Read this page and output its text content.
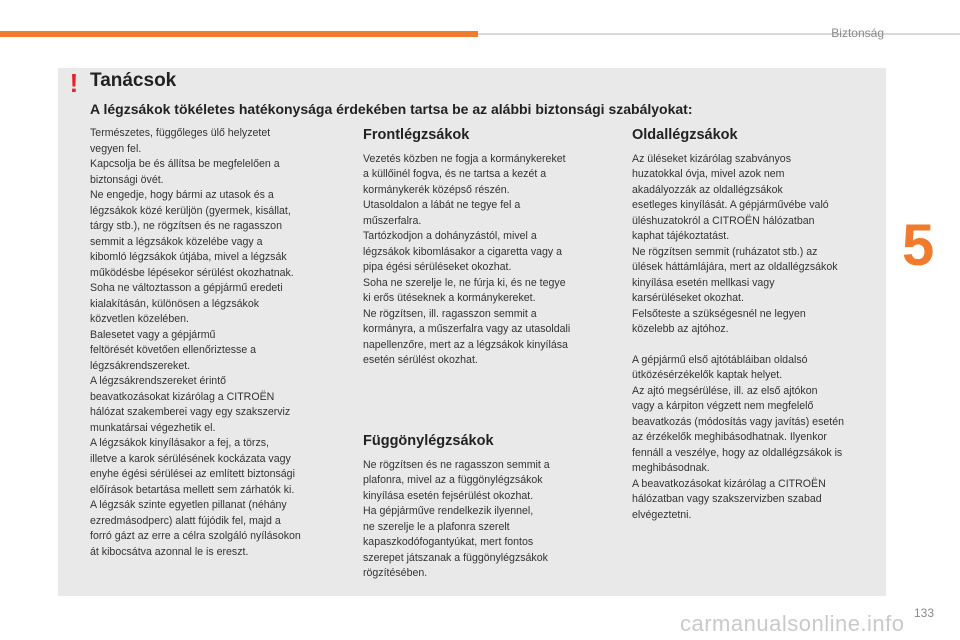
Biztonság
5
133
! Tanácsok
A légzsákok tökéletes hatékonysága érdekében tartsa be az alábbi biztonsági szabályokat:

Természetes, függőleges ülő helyzetet

vegyen fel.

Kapcsolja be és állítsa be megfelelően a

biztonsági övét.

Ne engedje, hogy bármi az utasok és a

légzsákok közé kerüljön (gyermek, kisállat,

tárgy stb.), ne rögzítsen és ne ragasszon

semmit a légzsákok közelébe vagy a

kibomló légzsákok útjába, mivel a légzsák

működésbe lépésekor sérülést okozhatnak.

Soha ne változtasson a gépjármű eredeti

kialakításán, különösen a légzsákok

közvetlen közelében.

Balesetet vagy a gépjármű

feltörését követően ellenőriztesse a

légzsákrendszereket.

A légzsákrendszereket érintő

beavatkozásokat kizárólag a CITROËN

hálózat szakemberei vagy egy szakszerviz

munkatársai végezhetik el.

A légzsákok kinyílásakor a fej, a törzs,

illetve a karok sérülésének kockázata vagy

enyhe égési sérülései az említett biztonsági

előírások betartása mellett sem zárhatók ki.

A légzsák szinte egyetlen pillanat (néhány

ezredmásodperc) alatt fújódik fel, majd a

forró gázt az erre a célra szolgáló nyílásokon

át kibocsátva azonnal le is ereszt.

Frontlégzsákok

Vezetés közben ne fogja a kormánykereket

a küllőinél fogva, és ne tartsa a kezét a

kormánykerék középső részén.

Utasoldalon a lábát ne tegye fel a

műszerfalra.

Tartózkodjon a dohányzástól, mivel a

légzsákok kibomlásakor a cigaretta vagy a

pipa égési sérüléseket okozhat.

Soha ne szerelje le, ne fúrja ki, és ne tegye

ki erős ütéseknek a kormánykereket.

Ne rögzítsen, ill. ragasszon semmit a

kormányra, a műszerfalra vagy az utasoldali

napellenzőre, mert az a légzsákok kinyílása

esetén sérülést okozhat.

Függönylégzsákok

Ne rögzítsen és ne ragasszon semmit a

plafonra, mivel az a függönylégzsákok

kinyílása esetén fejsérülést okozhat.

Ha gépjárműve rendelkezik ilyennel,

ne szerelje le a plafonra szerelt

kapaszkodófogantyúkat, mert fontos

szerepet játszanak a függönylégzsákok

rögzítésében.

Oldallégzsákok

Az üléseket kizárólag szabványos

huzatokkal óvja, mivel azok nem

akadályozzák az oldallégzsákok

esetleges kinyílását. A gépjárművébe való

üléshuzatokról a CITROËN hálózatban

kaphat tájékoztatást.

Ne rögzítsen semmit (ruházatot stb.) az

ülések háttámlájára, mert az oldallégzsákok

kinyílása esetén mellkasi vagy

karsérüléseket okozhat.

Felsőteste a szükségesnél ne legyen

közelebb az ajtóhoz.

A gépjármű első ajtótábláiban oldalsó

ütközésérzékelők kaptak helyet.

Az ajtó megsérülése, ill. az első ajtókon

vagy a kárpiton végzett nem megfelelő

beavatkozás (módosítás vagy javítás) esetén

az érzékelők meghibásodhatnak. Ilyenkor

fennáll a veszélye, hogy az oldallégzsákok is

meghibásodnak.

A beavatkozásokat kizárólag a CITROËN

hálózatban vagy szakszervizben szabad

elvégeztetni.

carmanualsonline.info
